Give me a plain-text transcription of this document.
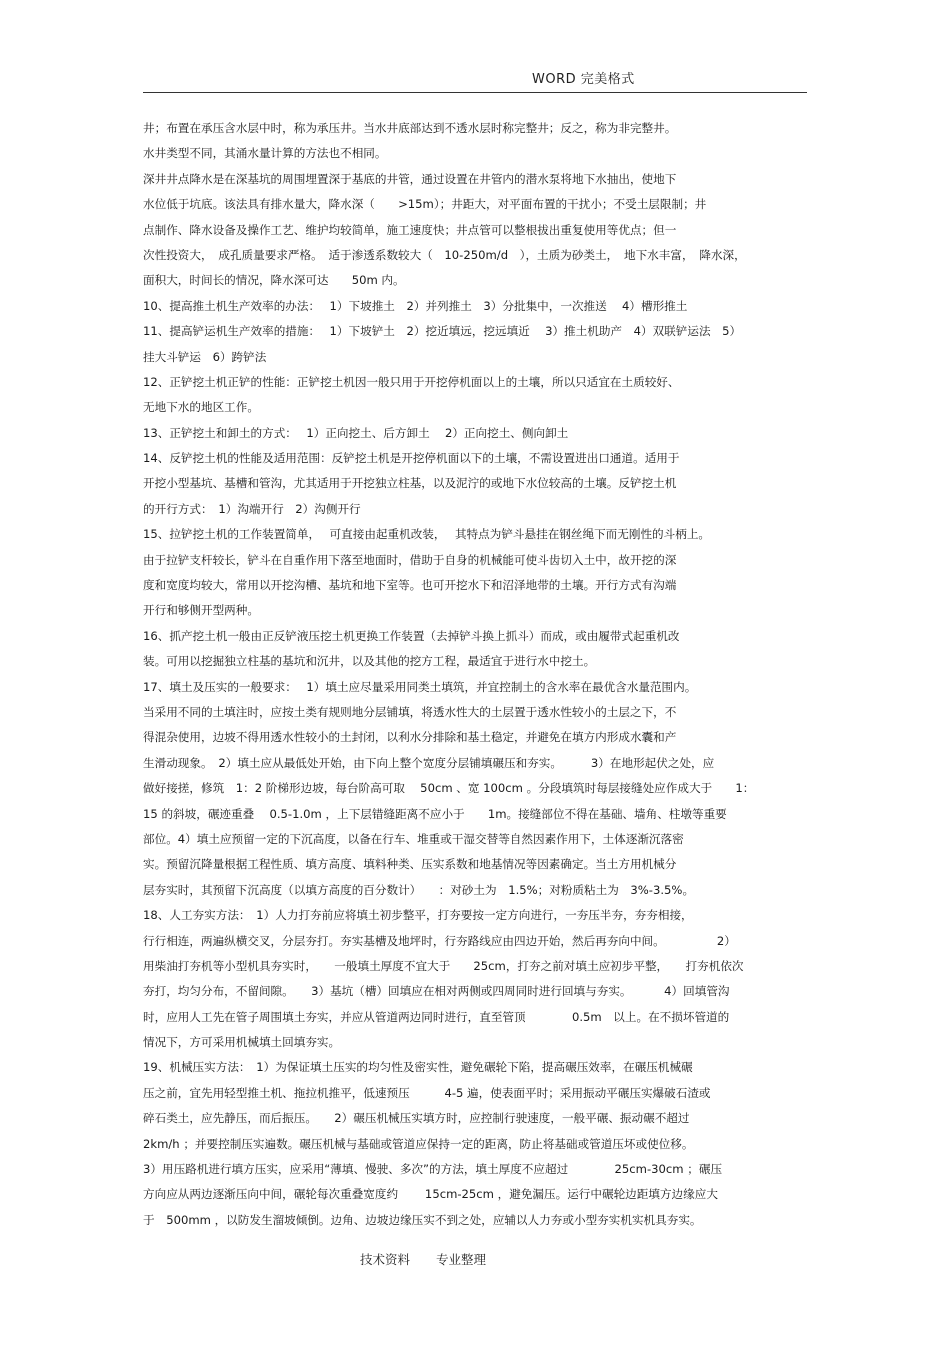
WORD 完美格式
井；布置在承压含水层中时，称为承压井。当水井底部达到不透水层时称完整井；反之，称为非完整井。
水井类型不同，其涌水量计算的方法也不相同。
深井井点降水是在深基坑的周围埋置深于基底的井管，通过设置在井管内的潜水泵将地下水抽出，使地下
水位低于坑底。该法具有排水量大，降水深（　　>15m）；井距大，对平面布置的干扰小；不受土层限制；井
点制作、降水设备及操作工艺、维护均较简单，施工速度快；井点管可以整根拔出重复使用等优点；但一
次性投资大，　成孔质量要求严格。　适于渗透系数较大（　10-250m/d　），土质为砂类土，　地下水丰富，　降水深，
面积大，时间长的情况，降水深可达　　50m 内。
10、提高推土机生产效率的办法：　 1）下坡推土　2）并列推土　3）分批集中，一次推送　 4）槽形推土
11、提高铲运机生产效率的措施：　 1）下坡铲土　2）挖近填远，挖远填近　 3）推土机助产　4）双联铲运法　5）
挂大斗铲运　6）跨铲法
12、正铲挖土机正铲的性能：正铲挖土机因一般只用于开挖停机面以上的土壤，所以只适宜在土质较好、
无地下水的地区工作。
13、正铲挖土和卸土的方式：　 1）正向挖土、后方卸土　 2）正向挖土、侧向卸土
14、反铲挖土机的性能及适用范围：反铲挖土机是开挖停机面以下的土壤，不需设置进出口通道。适用于
开挖小型基坑、基槽和管沟，尤其适用于开挖独立柱基，以及泥泞的或地下水位较高的土壤。反铲挖土机
的开行方式：　1）沟端开行　2）沟侧开行
15、拉铲挖土机的工作装置简单，　 可直接由起重机改装，　 其特点为铲斗悬挂在钢丝绳下而无刚性的斗柄上。
由于拉铲支杆较长，铲斗在自重作用下落至地面时，借助于自身的机械能可使斗齿切入土中，故开挖的深
度和宽度均较大，常用以开挖沟槽、基坑和地下室等。也可开挖水下和沼泽地带的土壤。开行方式有沟端
开行和够侧开型两种。
16、抓产挖土机一般由正反铲液压挖土机更换工作装置（去掉铲斗换上抓斗）而成，或由履带式起重机改
装。可用以挖掘独立柱基的基坑和沉井，以及其他的挖方工程，最适宜于进行水中挖土。
17、填土及压实的一般要求：　 1）填土应尽量采用同类土填筑，并宜控制土的含水率在最优含水量范围内。
当采用不同的土填注时，应按土类有规则地分层铺填，将透水性大的土层置于透水性较小的土层之下，不
得混杂使用，边坡不得用透水性较小的土封闭，以利水分排除和基土稳定，并避免在填方内形成水囊和产
生滑动现象。　2）填土应从最低处开始，由下向上整个宽度分层铺填碾压和夯实。　　　3）在地形起伏之处，应
做好接搓，修筑　1：2 阶梯形边坡，每台阶高可取　 50cm 、宽 100cm 。分段填筑时每层接缝处应作成大于　　1：
15 的斜坡，碾迹重叠　 0.5-1.0m ，上下层错缝距离不应小于　　1m。接缝部位不得在基础、墙角、柱墩等重要
部位。4）填土应预留一定的下沉高度，以备在行车、堆重或干湿交替等自然因素作用下，土体逐渐沉落密
实。预留沉降量根据工程性质、填方高度、填料种类、压实系数和地基情况等因素确定。当土方用机械分
层夯实时，其预留下沉高度（以填方高度的百分数计）　　：对砂土为　1.5%；对粉质粘土为　3%-3.5%。
18、人工夯实方法：　1）人力打夯前应将填土初步整平，打夯要按一定方向进行，一夯压半夯，夯夯相接，
行行相连，两遍纵横交叉，分层夯打。夯实基槽及地坪时，行夯路线应由四边开始，然后再夯向中间。　　　　　2）
用柴油打夯机等小型机具夯实时，　　一般填土厚度不宜大于　　25cm，打夯之前对填土应初步平整，　　打夯机依次
夯打，均匀分布，不留间隙。　　3）基坑（槽）回填应在相对两侧或四周同时进行回填与夯实。　　　 4）回填管沟
时，应用人工先在管子周围填土夯实，并应从管道两边同时进行，直至管顶　　　　0.5m　以上。在不损坏管道的
情况下，方可采用机械填土回填夯实。
19、机械压实方法：　1）为保证填土压实的均匀性及密实性，避免碾轮下陷，提高碾压效率，在碾压机械碾
压之前，宜先用轻型推土机、拖拉机推平，低速预压　　　4-5 遍，使表面平时；采用振动平碾压实爆破石渣或
碎石类土，应先静压，而后振压。　　2）碾压机械压实填方时，应控制行驶速度，一般平碾、振动碾不超过
2km/h ；并要控制压实遍数。碾压机械与基础或管道应保持一定的距离，防止将基础或管道压坏或使位移。
3）用压路机进行填方压实，应采用“薄填、慢驶、多次”的方法，填土厚度不应超过　　　　25cm-30cm ；碾压
方向应从两边逐渐压向中间，碾轮每次重叠宽度约　　 15cm-25cm ，避免漏压。运行中碾轮边距填方边缘应大
于　500mm ，以防发生溜坡倾倒。边角、边坡边缘压实不到之处，应辅以人力夯或小型夯实机实机具夯实。
技术资料 专业整理
